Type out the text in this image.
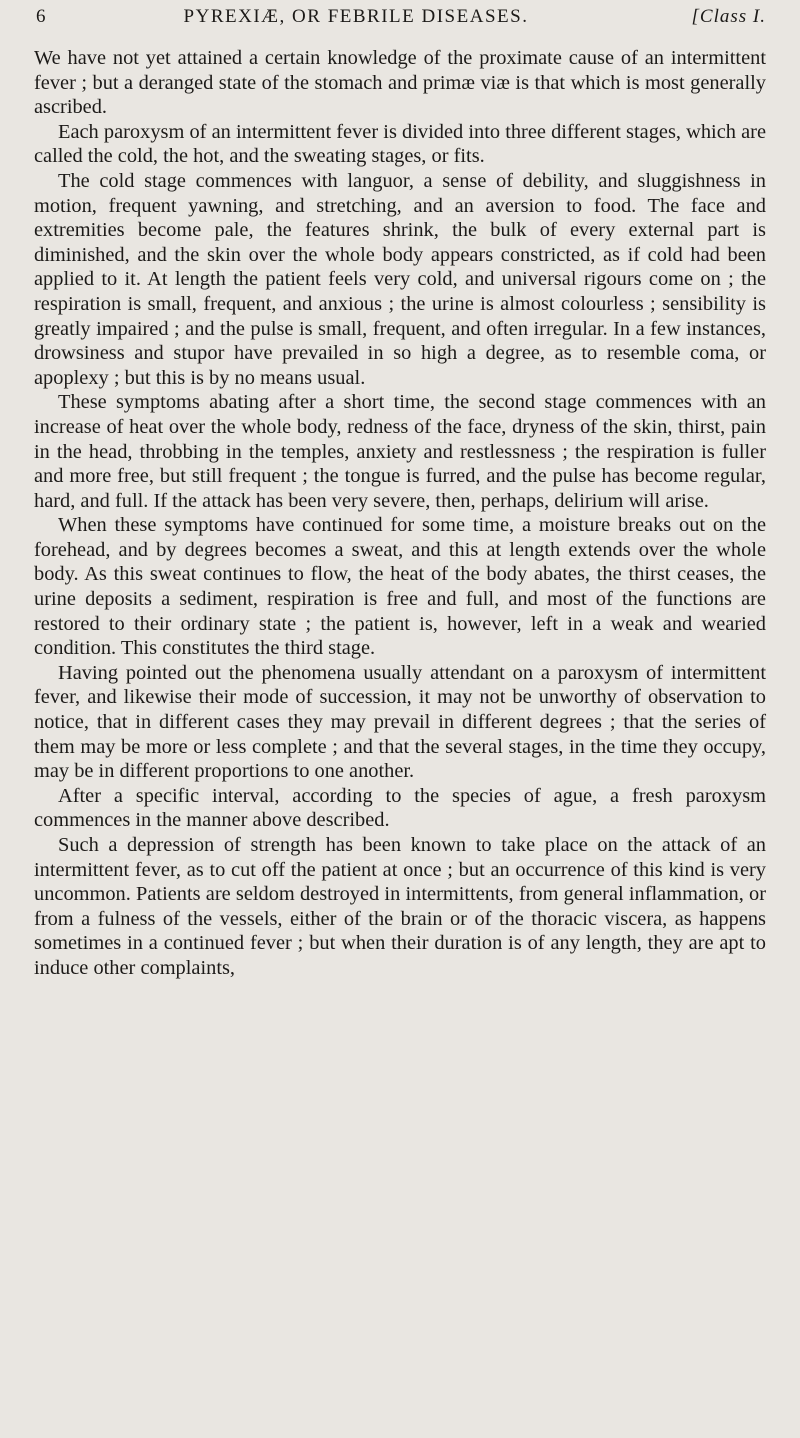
6	PYREXIÆ, OR FEBRILE DISEASES.	[Class I.

We have not yet attained a certain knowledge of the proximate cause of an intermittent fever ; but a deranged state of the stomach and primæ viæ is that which is most generally ascribed.

Each paroxysm of an intermittent fever is divided into three different stages, which are called the cold, the hot, and the sweating stages, or fits.

The cold stage commences with languor, a sense of debility, and sluggishness in motion, frequent yawning, and stretching, and an aversion to food. The face and extremities become pale, the features shrink, the bulk of every external part is diminished, and the skin over the whole body appears constricted, as if cold had been applied to it. At length the patient feels very cold, and universal rigours come on ; the respiration is small, frequent, and anxious ; the urine is almost colourless ; sensibility is greatly impaired ; and the pulse is small, frequent, and often irregular. In a few instances, drowsiness and stupor have prevailed in so high a degree, as to resemble coma, or apoplexy ; but this is by no means usual.

These symptoms abating after a short time, the second stage commences with an increase of heat over the whole body, redness of the face, dryness of the skin, thirst, pain in the head, throbbing in the temples, anxiety and restlessness ; the respiration is fuller and more free, but still frequent ; the tongue is furred, and the pulse has become regular, hard, and full. If the attack has been very severe, then, perhaps, delirium will arise.

When these symptoms have continued for some time, a moisture breaks out on the forehead, and by degrees becomes a sweat, and this at length extends over the whole body. As this sweat continues to flow, the heat of the body abates, the thirst ceases, the urine deposits a sediment, respiration is free and full, and most of the functions are restored to their ordinary state ; the patient is, however, left in a weak and wearied condition. This constitutes the third stage.

Having pointed out the phenomena usually attendant on a paroxysm of intermittent fever, and likewise their mode of succession, it may not be unworthy of observation to notice, that in different cases they may prevail in different degrees ; that the series of them may be more or less complete ; and that the several stages, in the time they occupy, may be in different proportions to one another.

After a specific interval, according to the species of ague, a fresh paroxysm commences in the manner above described.

Such a depression of strength has been known to take place on the attack of an intermittent fever, as to cut off the patient at once ; but an occurrence of this kind is very uncommon. Patients are seldom destroyed in intermittents, from general inflammation, or from a fulness of the vessels, either of the brain or of the thoracic viscera, as happens sometimes in a continued fever ; but when their duration is of any length, they are apt to induce other complaints,
